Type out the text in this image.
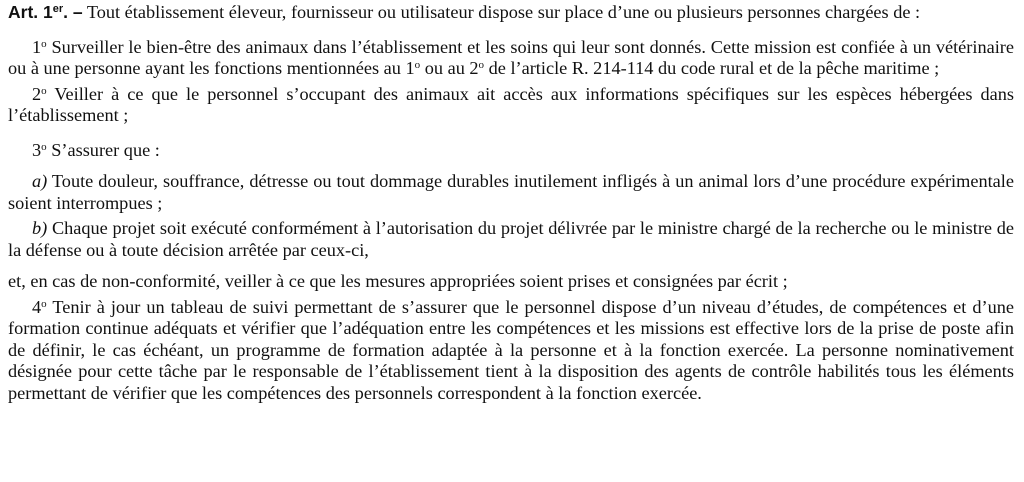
Art. 1er. – Tout établissement éleveur, fournisseur ou utilisateur dispose sur place d’une ou plusieurs personnes chargées de :

1$^o$ Surveiller le bien-être des animaux dans l’établissement et les soins qui leur sont donnés. Cette mission est confiée à un vétérinaire ou à une personne ayant les fonctions mentionnées au 1$^o$ ou au 2$^o$ de l’article R. 214-114 du code rural et de la pêche maritime ;

2$^o$ Veiller à ce que le personnel s’occupant des animaux ait accès aux informations spécifiques sur les espèces hébergées dans l’établissement ;

3$^o$ S’assurer que :

a) Toute douleur, souffrance, détresse ou tout dommage durables inutilement infligés à un animal lors d’une procédure expérimentale soient interrompues ;

b) Chaque projet soit exécuté conformément à l’autorisation du projet délivrée par le ministre chargé de la recherche ou le ministre de la défense ou à toute décision arrêtée par ceux-ci,

et, en cas de non-conformité, veiller à ce que les mesures appropriées soient prises et consignées par écrit ;

4$^o$ Tenir à jour un tableau de suivi permettant de s’assurer que le personnel dispose d’un niveau d’études, de compétences et d’une formation continue adéquats et vérifier que l’adéquation entre les compétences et les missions est effective lors de la prise de poste afin de définir, le cas échéant, un programme de formation adaptée à la personne et à la fonction exercée. La personne nominativement désignée pour cette tâche par le responsable de l’établissement tient à la disposition des agents de contrôle habilités tous les éléments permettant de vérifier que les compétences des personnels correspondent à la fonction exercée.
